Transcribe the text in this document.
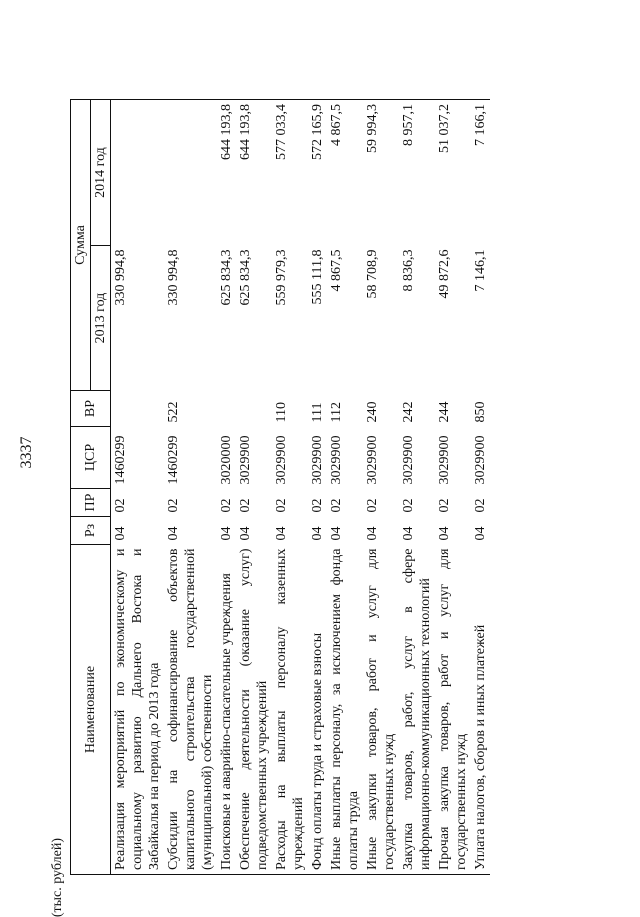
3337
(тыс. рублей)
Наименование	Рз	ПР	ЦСР	ВР	Сумма	
					2013 год	2014 год
Реализация мероприятий по экономическому и социальному развитию Дальнего Востока и Забайкалья на период до 2013 года	04	02	1460299		330 994,8	
Субсидии на софинансирование объектов капитального строительства государственной (муниципальной) собственности	04	02	1460299	522	330 994,8	
Поисковые и аварийно-спасательные учреждения	04	02	3020000		625 834,3	644 193,8
Обеспечение деятельности (оказание услуг) подведомственных учреждений	04	02	3029900		625 834,3	644 193,8
Расходы на выплаты персоналу казенных учреждений	04	02	3029900	110	559 979,3	577 033,4
Фонд оплаты труда и страховые взносы	04	02	3029900	111	555 111,8	572 165,9
Иные выплаты персоналу, за исключением фонда оплаты труда	04	02	3029900	112	4 867,5	4 867,5
Иные закупки товаров, работ и услуг для государственных нужд	04	02	3029900	240	58 708,9	59 994,3
Закупка товаров, работ, услуг в сфере информационно-коммуникационных технологий	04	02	3029900	242	8 836,3	8 957,1
Прочая закупка товаров, работ и услуг для государственных нужд	04	02	3029900	244	49 872,6	51 037,2
Уплата налогов, сборов и иных платежей	04	02	3029900	850	7 146,1	7 166,1
